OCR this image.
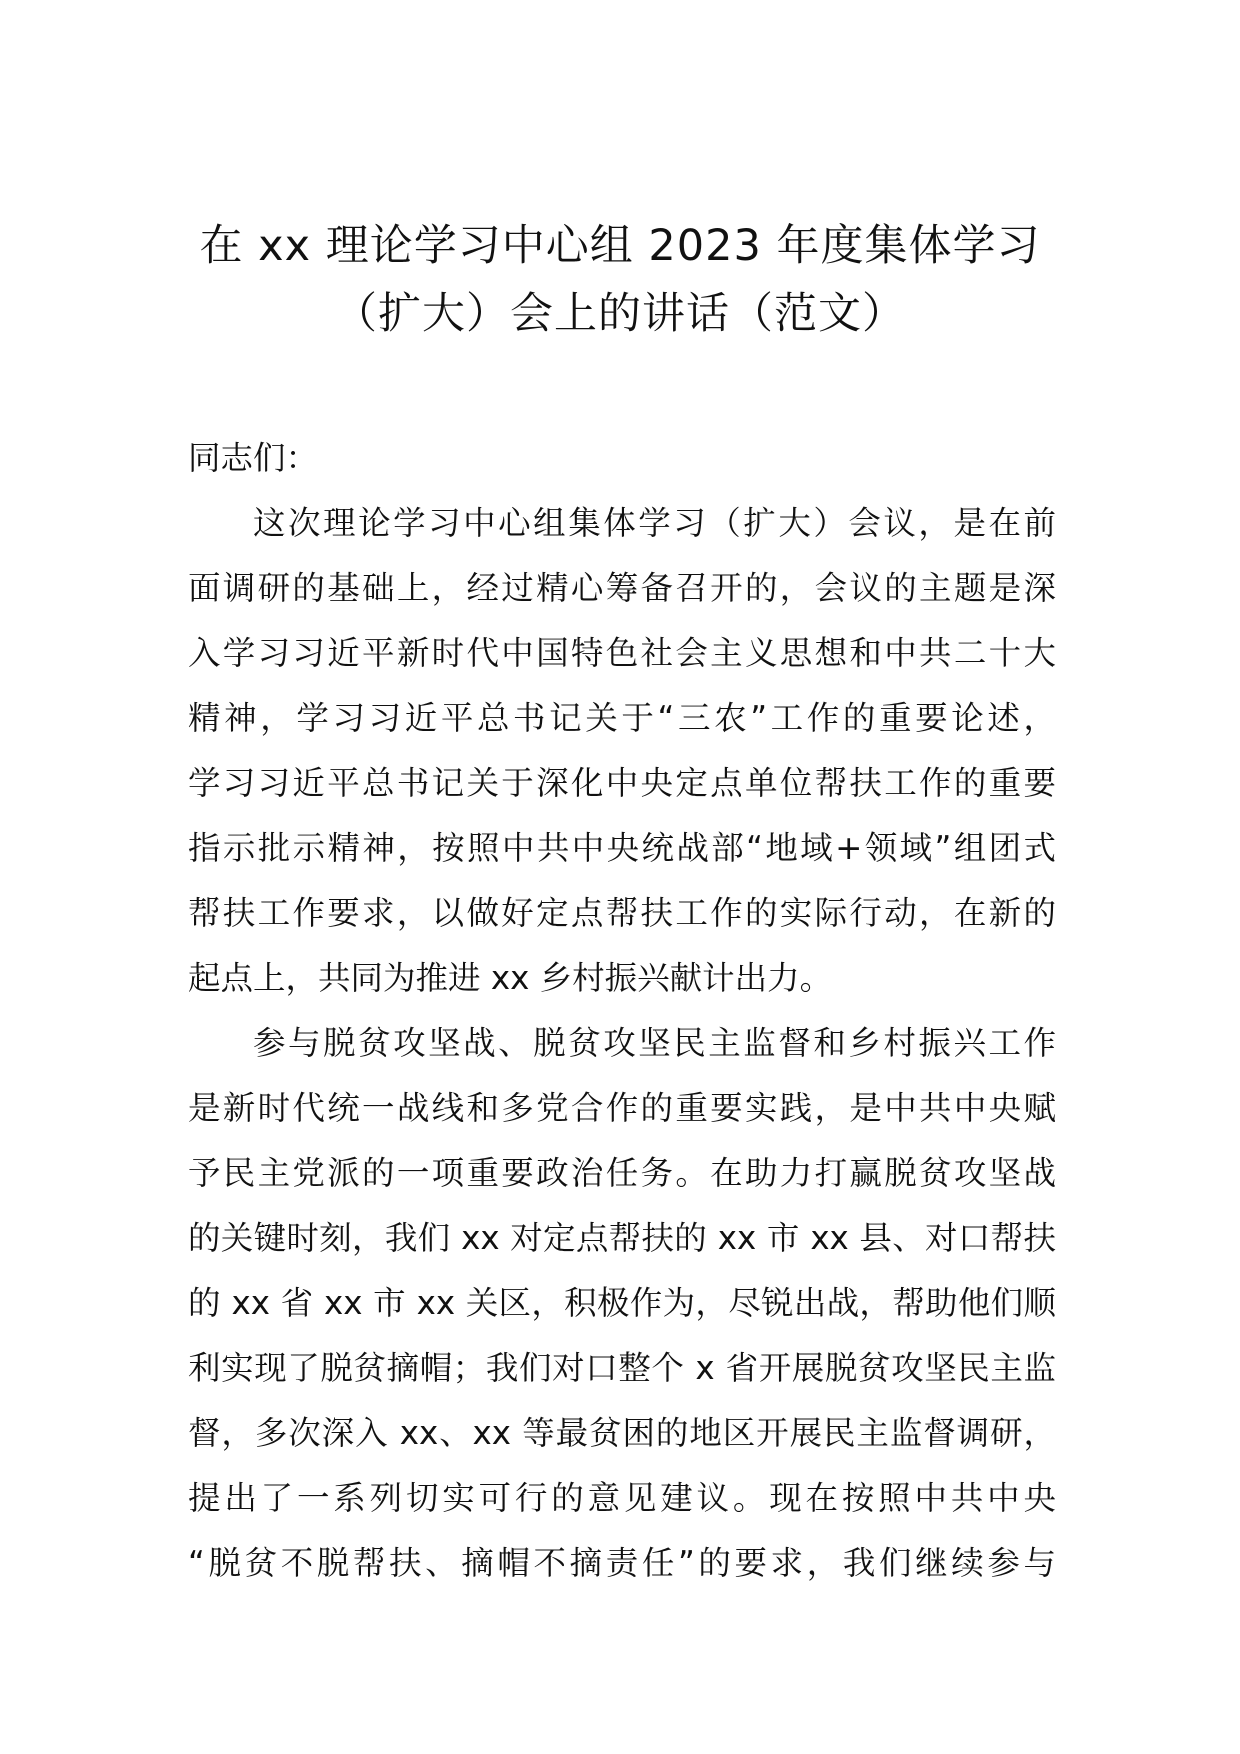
在 xx 理论学习中心组 2023 年度集体学习
（扩大）会上的讲话（范文）

同志们：

这次理论学习中心组集体学习（扩大）会议，是在前
面调研的基础上，经过精心筹备召开的，会议的主题是深
入学习习近平新时代中国特色社会主义思想和中共二十大
精神，学习习近平总书记关于“三农”工作的重要论述，
学习习近平总书记关于深化中央定点单位帮扶工作的重要
指示批示精神，按照中共中央统战部“地域+领域”组团式
帮扶工作要求，以做好定点帮扶工作的实际行动，在新的
起点上，共同为推进 xx 乡村振兴献计出力。

参与脱贫攻坚战、脱贫攻坚民主监督和乡村振兴工作
是新时代统一战线和多党合作的重要实践，是中共中央赋
予民主党派的一项重要政治任务。在助力打赢脱贫攻坚战
的关键时刻，我们 xx 对定点帮扶的 xx 市 xx 县、对口帮扶
的 xx 省 xx 市 xx 关区，积极作为，尽锐出战，帮助他们顺
利实现了脱贫摘帽；我们对口整个 x 省开展脱贫攻坚民主监
督，多次深入 xx、xx 等最贫困的地区开展民主监督调研，
提出了一系列切实可行的意见建议。现在按照中共中央
“脱贫不脱帮扶、摘帽不摘责任”的要求，我们继续参与
